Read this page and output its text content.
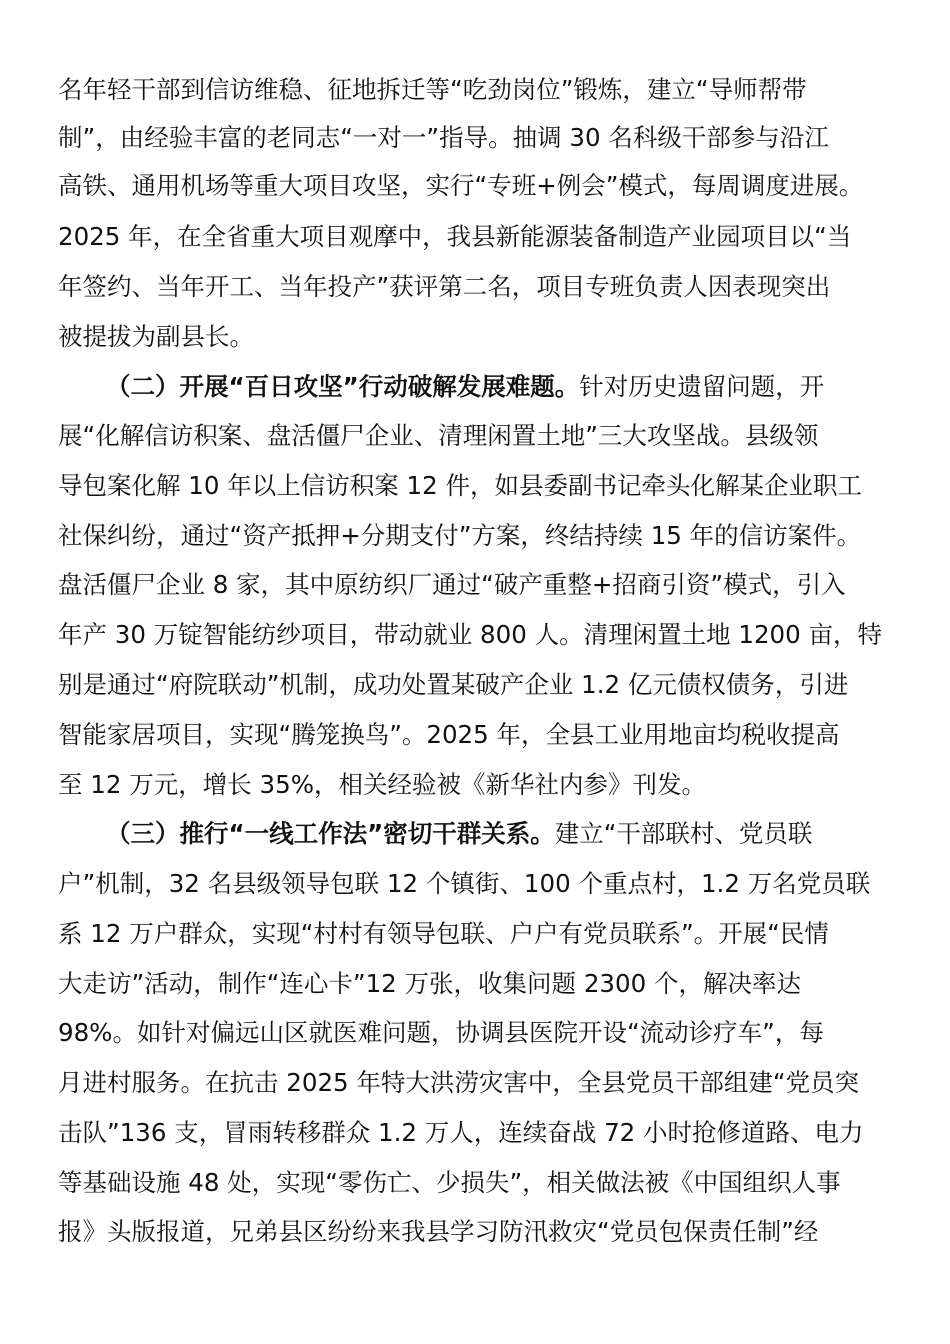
名年轻干部到信访维稳、征地拆迁等“吃劲岗位”锻炼，建立“导师帮带
制”，由经验丰富的老同志“一对一”指导。抽调 30 名科级干部参与沿江
高铁、通用机场等重大项目攻坚，实行“专班+例会”模式，每周调度进展。
2025 年，在全省重大项目观摩中，我县新能源装备制造产业园项目以“当
年签约、当年开工、当年投产”获评第二名，项目专班负责人因表现突出
被提拔为副县长。
（二）开展“百日攻坚”行动破解发展难题。针对历史遗留问题，开
展“化解信访积案、盘活僵尸企业、清理闲置土地”三大攻坚战。县级领
导包案化解 10 年以上信访积案 12 件，如县委副书记牵头化解某企业职工
社保纠纷，通过“资产抵押+分期支付”方案，终结持续 15 年的信访案件。
盘活僵尸企业 8 家，其中原纺织厂通过“破产重整+招商引资”模式，引入
年产 30 万锭智能纺纱项目，带动就业 800 人。清理闲置土地 1200 亩，特
别是通过“府院联动”机制，成功处置某破产企业 1.2 亿元债权债务，引进
智能家居项目，实现“腾笼换鸟”。2025 年，全县工业用地亩均税收提高
至 12 万元，增长 35%，相关经验被《新华社内参》刊发。
（三）推行“一线工作法”密切干群关系。建立“干部联村、党员联
户”机制，32 名县级领导包联 12 个镇街、100 个重点村，1.2 万名党员联
系 12 万户群众，实现“村村有领导包联、户户有党员联系”。开展“民情
大走访”活动，制作“连心卡”12 万张，收集问题 2300 个，解决率达
98%。如针对偏远山区就医难问题，协调县医院开设“流动诊疗车”，每
月进村服务。在抗击 2025 年特大洪涝灾害中，全县党员干部组建“党员突
击队”136 支，冒雨转移群众 1.2 万人，连续奋战 72 小时抢修道路、电力
等基础设施 48 处，实现“零伤亡、少损失”，相关做法被《中国组织人事
报》头版报道，兄弟县区纷纷来我县学习防汛救灾“党员包保责任制”经
